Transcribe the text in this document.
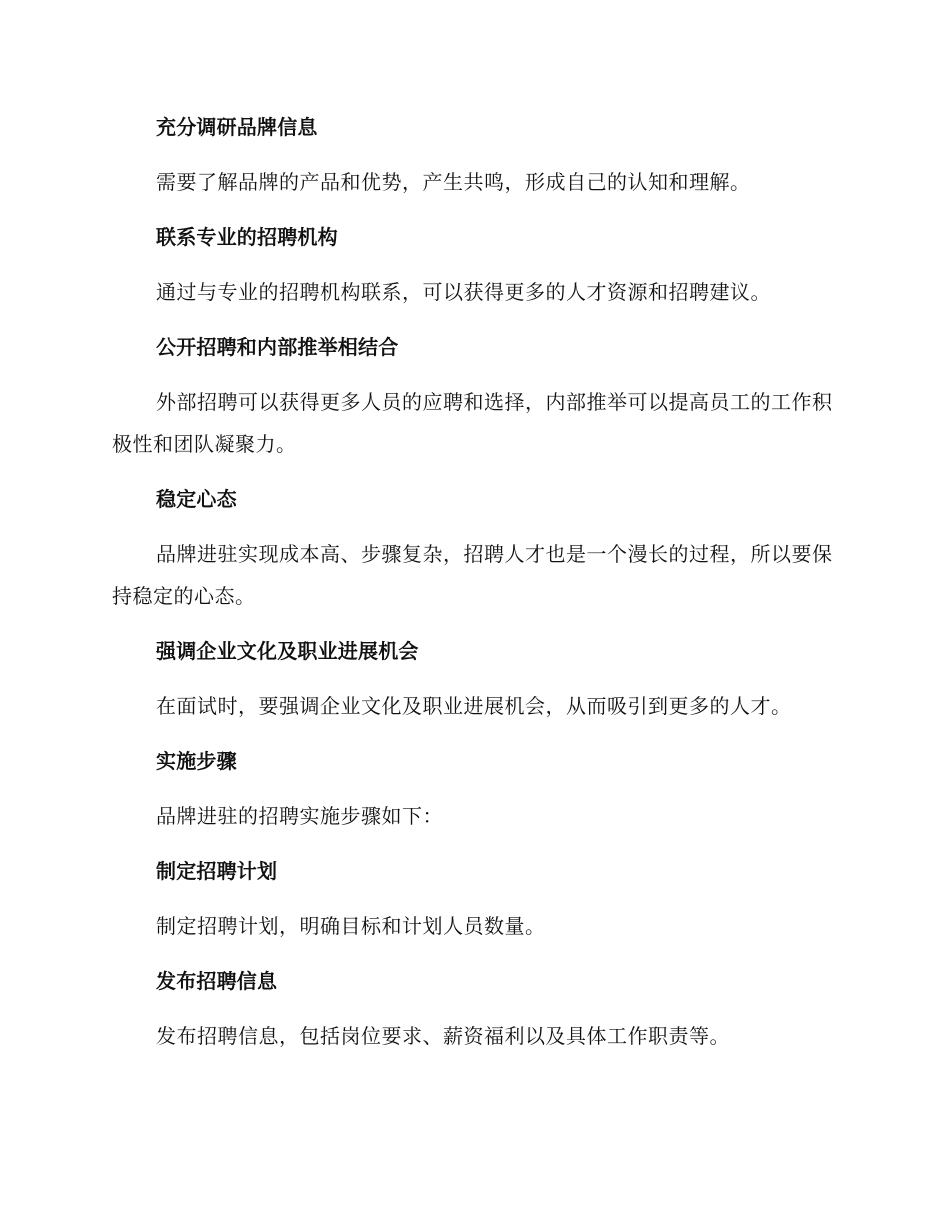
充分调研品牌信息

需要了解品牌的产品和优势，产生共鸣，形成自己的认知和理解。

联系专业的招聘机构

通过与专业的招聘机构联系，可以获得更多的人才资源和招聘建议。

公开招聘和内部推举相结合

外部招聘可以获得更多人员的应聘和选择，内部推举可以提高员工的工作积极性和团队凝聚力。

稳定心态

品牌进驻实现成本高、步骤复杂，招聘人才也是一个漫长的过程，所以要保持稳定的心态。

强调企业文化及职业进展机会

在面试时，要强调企业文化及职业进展机会，从而吸引到更多的人才。

实施步骤

品牌进驻的招聘实施步骤如下：

制定招聘计划

制定招聘计划，明确目标和计划人员数量。

发布招聘信息

发布招聘信息，包括岗位要求、薪资福利以及具体工作职责等。
